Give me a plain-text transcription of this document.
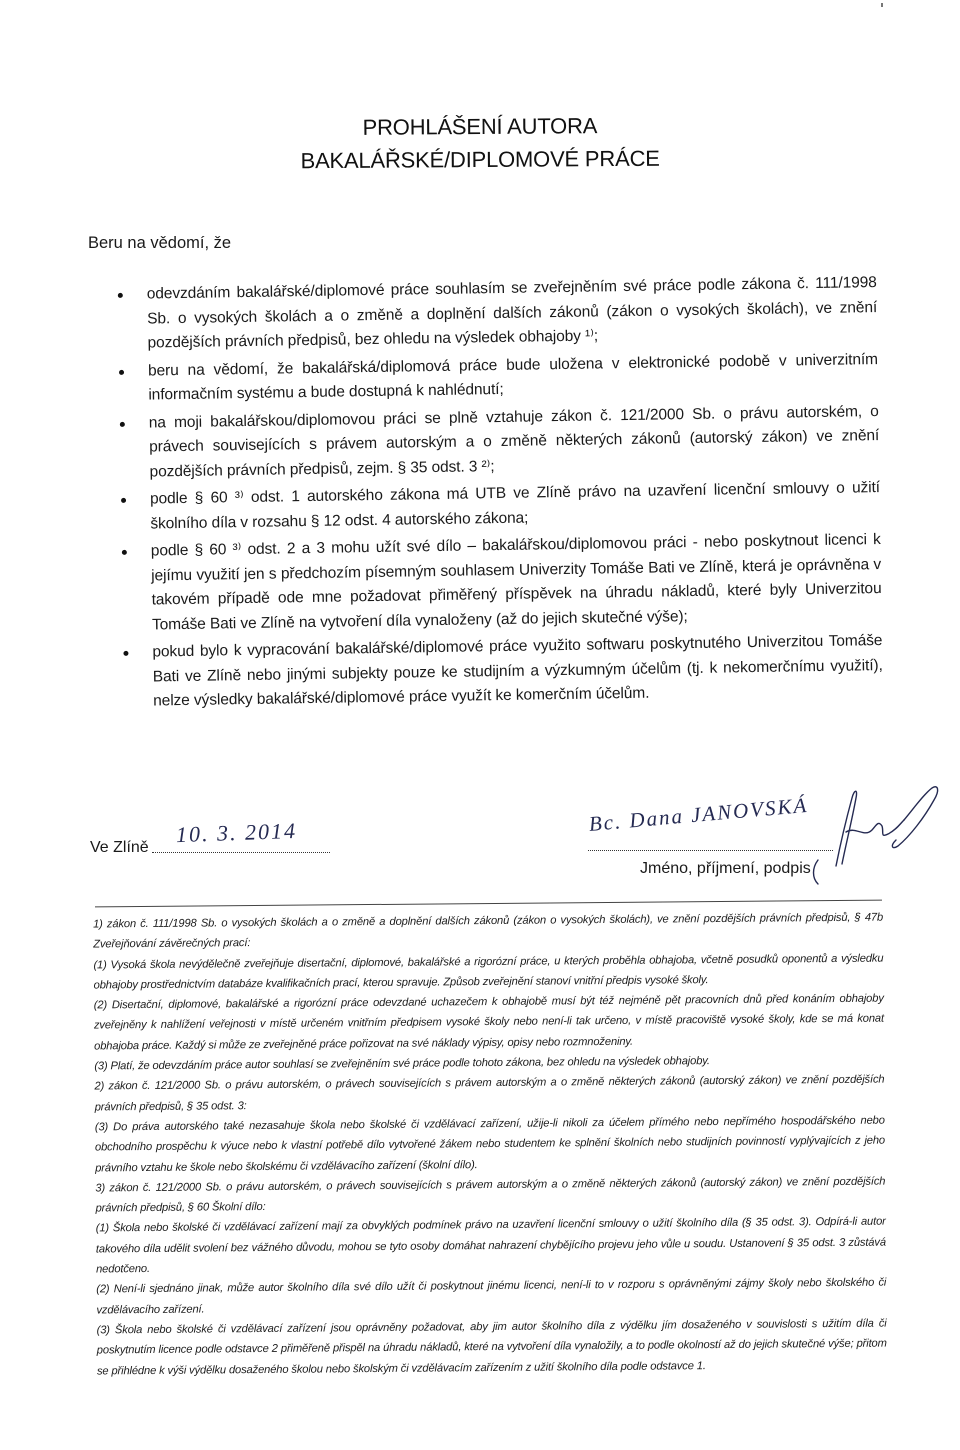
PROHLÁŠENÍ AUTORA
BAKALÁŘSKÉ/DIPLOMOVÉ PRÁCE
Beru na vědomí, že
odevzdáním bakalářské/diplomové práce souhlasím se zveřejněním své práce podle zákona č. 111/1998 Sb. o vysokých školách a o změně a doplnění dalších zákonů (zákon o vysokých školách), ve znění pozdějších právních předpisů, bez ohledu na výsledek obhajoby ¹⁾;
beru na vědomí, že bakalářská/diplomová práce bude uložena v elektronické podobě v univerzitním informačním systému a bude dostupná k nahlédnutí;
na moji bakalářskou/diplomovou práci se plně vztahuje zákon č. 121/2000 Sb. o právu autorském, o právech souvisejících s právem autorským a o změně některých zákonů (autorský zákon) ve znění pozdějších právních předpisů, zejm. § 35 odst. 3 ²⁾;
podle § 60 ³⁾ odst. 1 autorského zákona má UTB ve Zlíně právo na uzavření licenční smlouvy o užití školního díla v rozsahu § 12 odst. 4 autorského zákona;
podle § 60 ³⁾ odst. 2 a 3 mohu užít své dílo – bakalářskou/diplomovou práci - nebo poskytnout licenci k jejímu využití jen s předchozím písemným souhlasem Univerzity Tomáše Bati ve Zlíně, která je oprávněna v takovém případě ode mne požadovat přiměřený příspěvek na úhradu nákladů, které byly Univerzitou Tomáše Bati ve Zlíně na vytvoření díla vynaloženy (až do jejich skutečné výše);
pokud bylo k vypracování bakalářské/diplomové práce využito softwaru poskytnutého Univerzitou Tomáše Bati ve Zlíně nebo jinými subjekty pouze ke studijním a výzkumným účelům (tj. k nekomerčnímu využití), nelze výsledky bakalářské/diplomové práce využít ke komerčním účelům.
Ve Zlíně
10. 3. 2014	Bc. Dana JANOVSKÁ
Jméno, příjmení, podpis

1) zákon č. 111/1998 Sb. o vysokých školách a o změně a doplnění dalších zákonů (zákon o vysokých školách), ve znění pozdějších právních předpisů, § 47b Zveřejňování závěrečných prací:

(1) Vysoká škola nevýdělečně zveřejňuje disertační, diplomové, bakalářské a rigorózní práce, u kterých proběhla obhajoba, včetně posudků oponentů a výsledku obhajoby prostřednictvím databáze kvalifikačních prací, kterou spravuje. Způsob zveřejnění stanoví vnitřní předpis vysoké školy.

(2) Disertační, diplomové, bakalářské a rigorózní práce odevzdané uchazečem k obhajobě musí být též nejméně pět pracovních dnů před konáním obhajoby zveřejněny k nahlížení veřejnosti v místě určeném vnitřním předpisem vysoké školy nebo není-li tak určeno, v místě pracoviště vysoké školy, kde se má konat obhajoba práce. Každý si může ze zveřejněné práce pořizovat na své náklady výpisy, opisy nebo rozmnoženiny.

(3) Platí, že odevzdáním práce autor souhlasí se zveřejněním své práce podle tohoto zákona, bez ohledu na výsledek obhajoby.

2) zákon č. 121/2000 Sb. o právu autorském, o právech souvisejících s právem autorským a o změně některých zákonů (autorský zákon) ve znění pozdějších právních předpisů, § 35 odst. 3:

(3) Do práva autorského také nezasahuje škola nebo školské či vzdělávací zařízení, užije-li nikoli za účelem přímého nebo nepřímého hospodářského nebo obchodního prospěchu k výuce nebo k vlastní potřebě dílo vytvořené žákem nebo studentem ke splnění školních nebo studijních povinností vyplývajících z jeho právního vztahu ke škole nebo školskému či vzdělávacího zařízení (školní dílo).

3) zákon č. 121/2000 Sb. o právu autorském, o právech souvisejících s právem autorským a o změně některých zákonů (autorský zákon) ve znění pozdějších právních předpisů, § 60 Školní dílo:

(1) Škola nebo školské či vzdělávací zařízení mají za obvyklých podmínek právo na uzavření licenční smlouvy o užití školního díla (§ 35 odst. 3). Odpírá-li autor takového díla udělit svolení bez vážného důvodu, mohou se tyto osoby domáhat nahrazení chybějícího projevu jeho vůle u soudu. Ustanovení § 35 odst. 3 zůstává nedotčeno.

(2) Není-li sjednáno jinak, může autor školního díla své dílo užít či poskytnout jinému licenci, není-li to v rozporu s oprávněnými zájmy školy nebo školského či vzdělávacího zařízení.

(3) Škola nebo školské či vzdělávací zařízení jsou oprávněny požadovat, aby jim autor školního díla z výdělku jím dosaženého v souvislosti s užitím díla či poskytnutím licence podle odstavce 2 přiměřeně přispěl na úhradu nákladů, které na vytvoření díla vynaložily, a to podle okolností až do jejich skutečné výše; přitom se přihlédne k výši výdělku dosaženého školou nebo školským či vzdělávacím zařízením z užití školního díla podle odstavce 1.
